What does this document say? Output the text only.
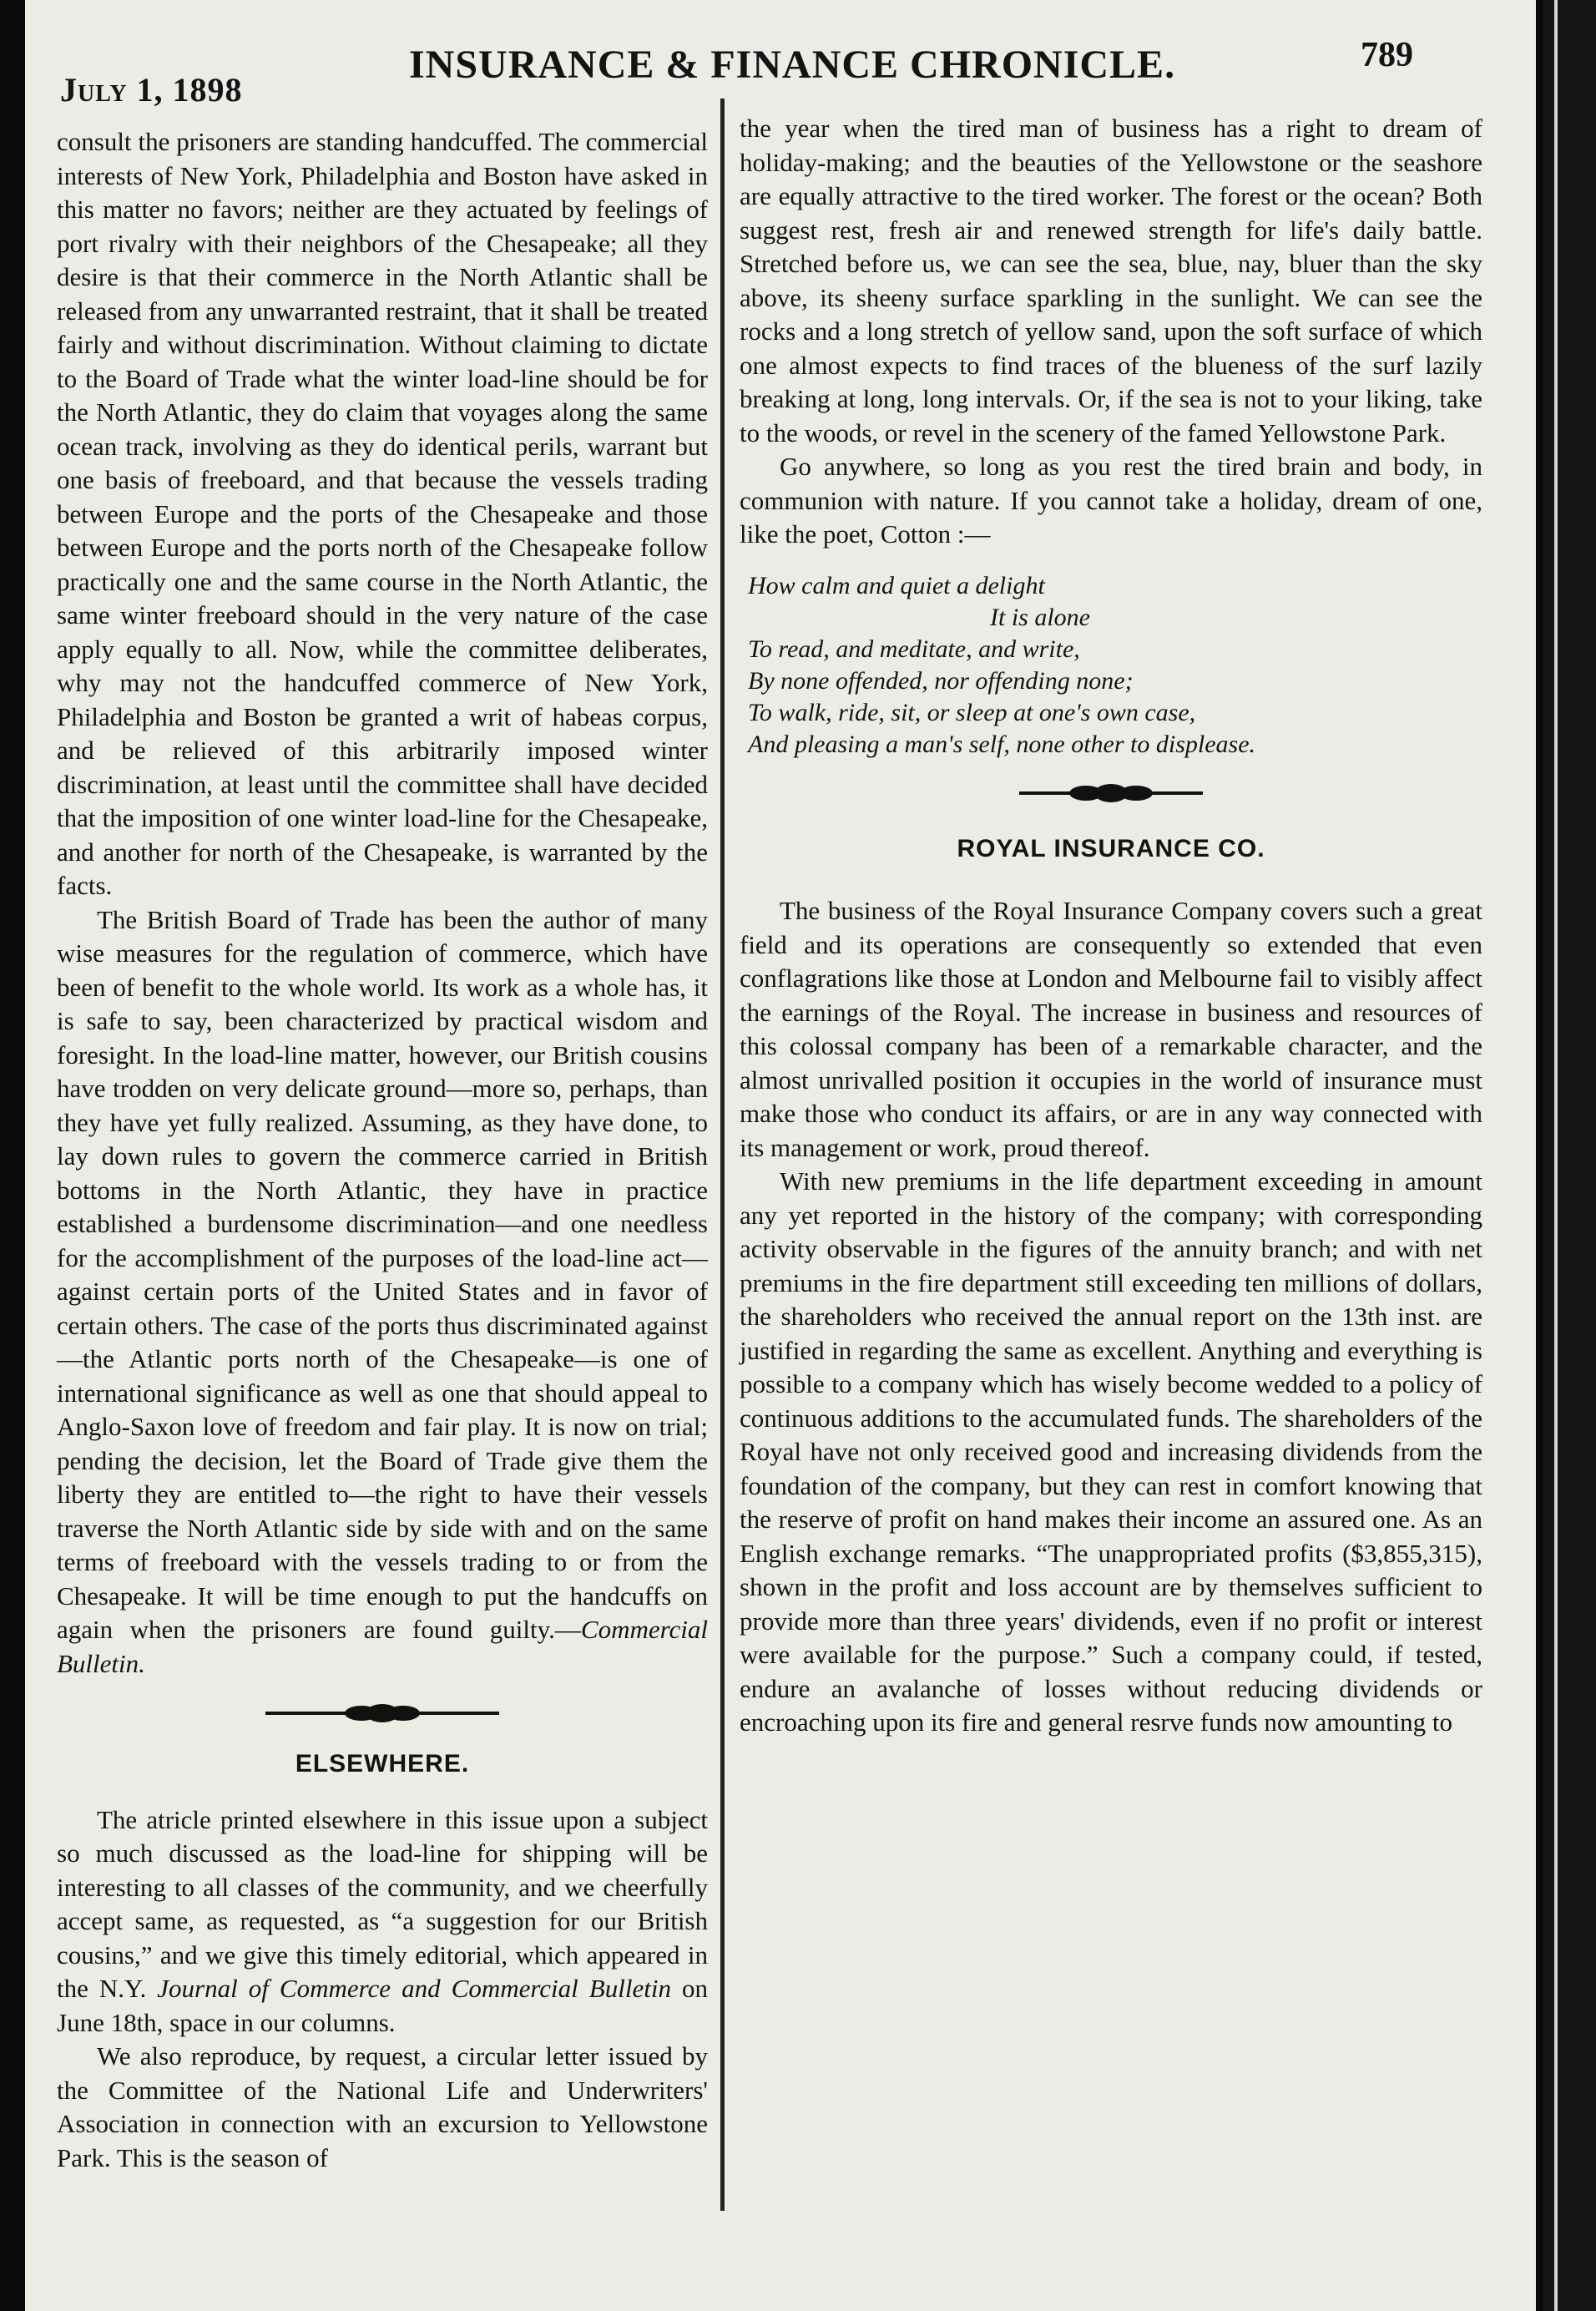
July 1, 1898
INSURANCE & FINANCE CHRONICLE.	789

consult the prisoners are standing handcuffed. The commercial interests of New York, Philadelphia and Boston have asked in this matter no favors; neither are they actuated by feelings of port rivalry with their neighbors of the Chesapeake; all they desire is that their commerce in the North Atlantic shall be released from any unwarranted restraint, that it shall be treated fairly and without discrimination. Without claiming to dictate to the Board of Trade what the winter load-line should be for the North Atlantic, they do claim that voyages along the same ocean track, involving as they do identical perils, warrant but one basis of freeboard, and that because the vessels trading between Europe and the ports of the Chesapeake and those between Europe and the ports north of the Chesapeake follow practically one and the same course in the North Atlantic, the same winter freeboard should in the very nature of the case apply equally to all. Now, while the committee deliberates, why may not the handcuffed commerce of New York, Philadelphia and Boston be granted a writ of habeas corpus, and be relieved of this arbitrarily imposed winter discrimination, at least until the committee shall have decided that the imposition of one winter load-line for the Chesapeake, and another for north of the Chesapeake, is warranted by the facts.

The British Board of Trade has been the author of many wise measures for the regulation of commerce, which have been of benefit to the whole world. Its work as a whole has, it is safe to say, been characterized by practical wisdom and foresight. In the load-line matter, however, our British cousins have trodden on very delicate ground—more so, perhaps, than they have yet fully realized. Assuming, as they have done, to lay down rules to govern the commerce carried in British bottoms in the North Atlantic, they have in practice established a burdensome discrimination—and one needless for the accomplishment of the purposes of the load-line act—against certain ports of the United States and in favor of certain others. The case of the ports thus discriminated against—the Atlantic ports north of the Chesapeake—is one of international significance as well as one that should appeal to Anglo-Saxon love of freedom and fair play. It is now on trial; pending the decision, let the Board of Trade give them the liberty they are entitled to—the right to have their vessels traverse the North Atlantic side by side with and on the same terms of freeboard with the vessels trading to or from the Chesapeake. It will be time enough to put the handcuffs on again when the prisoners are found guilty.—Commercial Bulletin.

ELSEWHERE.

The atricle printed elsewhere in this issue upon a subject so much discussed as the load-line for shipping will be interesting to all classes of the community, and we cheerfully accept same, as requested, as “a suggestion for our British cousins,” and we give this timely editorial, which appeared in the N.Y. Journal of Commerce and Commercial Bulletin on June 18th, space in our columns.

We also reproduce, by request, a circular letter issued by the Committee of the National Life and Underwriters' Association in connection with an excursion to Yellowstone Park. This is the season of

the year when the tired man of business has a right to dream of holiday-making; and the beauties of the Yellowstone or the seashore are equally attractive to the tired worker. The forest or the ocean? Both suggest rest, fresh air and renewed strength for life's daily battle. Stretched before us, we can see the sea, blue, nay, bluer than the sky above, its sheeny surface sparkling in the sunlight. We can see the rocks and a long stretch of yellow sand, upon the soft surface of which one almost expects to find traces of the blueness of the surf lazily breaking at long, long intervals. Or, if the sea is not to your liking, take to the woods, or revel in the scenery of the famed Yellowstone Park.

Go anywhere, so long as you rest the tired brain and body, in communion with nature. If you cannot take a holiday, dream of one, like the poet, Cotton :—

How calm and quiet a delight
It is alone
To read, and meditate, and write,
By none offended, nor offending none;
To walk, ride, sit, or sleep at one's own case,
And pleasing a man's self, none other to displease.
ROYAL INSURANCE CO.

The business of the Royal Insurance Company covers such a great field and its operations are consequently so extended that even conflagrations like those at London and Melbourne fail to visibly affect the earnings of the Royal. The increase in business and resources of this colossal company has been of a remarkable character, and the almost unrivalled position it occupies in the world of insurance must make those who conduct its affairs, or are in any way connected with its management or work, proud thereof.

With new premiums in the life department exceeding in amount any yet reported in the history of the company; with corresponding activity observable in the figures of the annuity branch; and with net premiums in the fire department still exceeding ten millions of dollars, the shareholders who received the annual report on the 13th inst. are justified in regarding the same as excellent. Anything and everything is possible to a company which has wisely become wedded to a policy of continuous additions to the accumulated funds. The shareholders of the Royal have not only received good and increasing dividends from the foundation of the company, but they can rest in comfort knowing that the reserve of profit on hand makes their income an assured one. As an English exchange remarks. “The unappropriated profits ($3,855,315), shown in the profit and loss account are by themselves sufficient to provide more than three years' dividends, even if no profit or interest were available for the purpose.” Such a company could, if tested, endure an avalanche of losses without reducing dividends or encroaching upon its fire and general resrve funds now amounting to
